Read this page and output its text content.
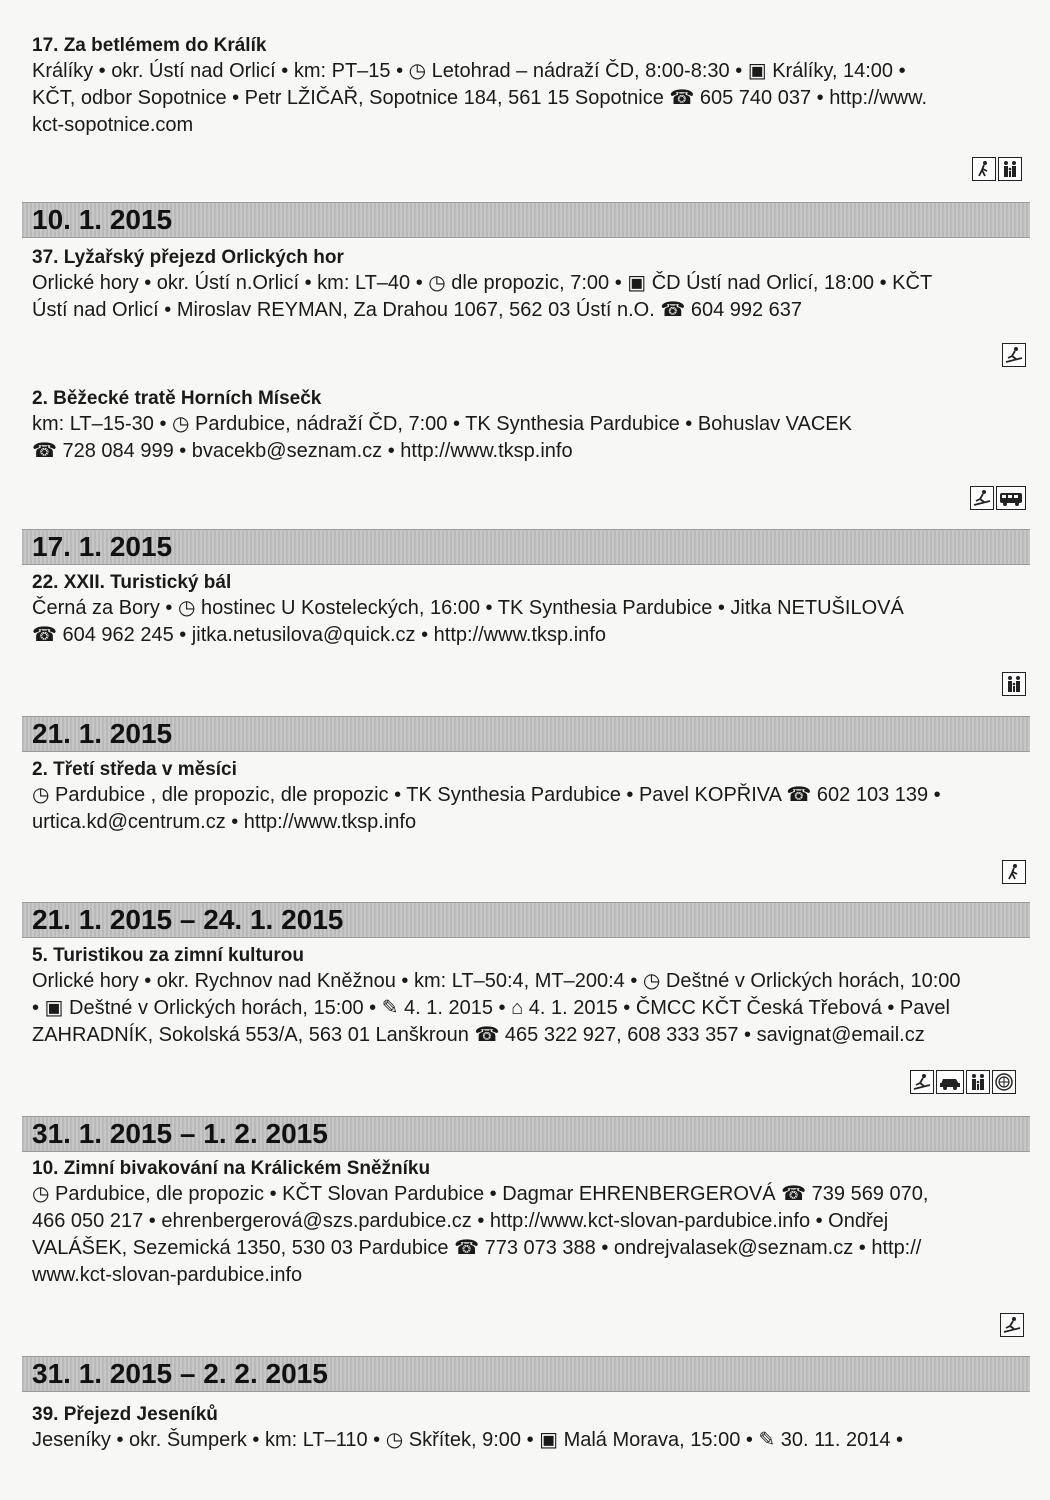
17. Za betlémem do Králík

Králíky • okr. Ústí nad Orlicí • km: PT–15 • ◷ Letohrad – nádraží ČD, 8:00-8:30 • ▣ Králíky, 14:00 •

KČT, odbor Sopotnice • Petr LŽIČAŘ, Sopotnice 184, 561 15 Sopotnice ☎ 605 740 037 • http://www.

kct-sopotnice.com

10. 1. 2015

37. Lyžařský přejezd Orlických hor

Orlické hory • okr. Ústí n.Orlicí • km: LT–40 • ◷ dle propozic, 7:00 • ▣ ČD Ústí nad Orlicí, 18:00 • KČT

Ústí nad Orlicí • Miroslav REYMAN, Za Drahou 1067, 562 03 Ústí n.O. ☎ 604 992 637

2. Běžecké tratě Horních Mísečk

km: LT–15-30 • ◷ Pardubice, nádraží ČD, 7:00 • TK Synthesia Pardubice • Bohuslav VACEK

☎ 728 084 999 • bvacekb@seznam.cz • http://www.tksp.info

17. 1. 2015

22. XXII. Turistický bál

Černá za Bory • ◷ hostinec U Kosteleckých, 16:00 • TK Synthesia Pardubice • Jitka NETUŠILOVÁ

☎ 604 962 245 • jitka.netusilova@quick.cz • http://www.tksp.info

21. 1. 2015

2. Třetí středa v měsíci

◷ Pardubice , dle propozic, dle propozic • TK Synthesia Pardubice • Pavel KOPŘIVA ☎ 602 103 139 •

urtica.kd@centrum.cz • http://www.tksp.info

21. 1. 2015 – 24. 1. 2015

5. Turistikou za zimní kulturou

Orlické hory • okr. Rychnov nad Kněžnou • km: LT–50:4, MT–200:4 • ◷ Deštné v Orlických horách, 10:00

• ▣ Deštné v Orlických horách, 15:00 • ✎ 4. 1. 2015 • ⌂ 4. 1. 2015 • ČMCC KČT Česká Třebová • Pavel

ZAHRADNÍK, Sokolská 553/A, 563 01 Lanškroun ☎ 465 322 927, 608 333 357 • savignat@email.cz

31. 1. 2015 – 1. 2. 2015

10. Zimní bivakování na Králickém Sněžníku

◷ Pardubice, dle propozic • KČT Slovan Pardubice • Dagmar EHRENBERGEROVÁ ☎ 739 569 070,

466 050 217 • ehrenbergerová@szs.pardubice.cz • http://www.kct-slovan-pardubice.info • Ondřej

VALÁŠEK, Sezemická 1350, 530 03 Pardubice ☎ 773 073 388 • ondrejvalasek@seznam.cz • http://

www.kct-slovan-pardubice.info

31. 1. 2015 – 2. 2. 2015

39. Přejezd Jeseníků

Jeseníky • okr. Šumperk • km: LT–110 • ◷ Skřítek, 9:00 • ▣ Malá Morava, 15:00 • ✎ 30. 11. 2014 •
